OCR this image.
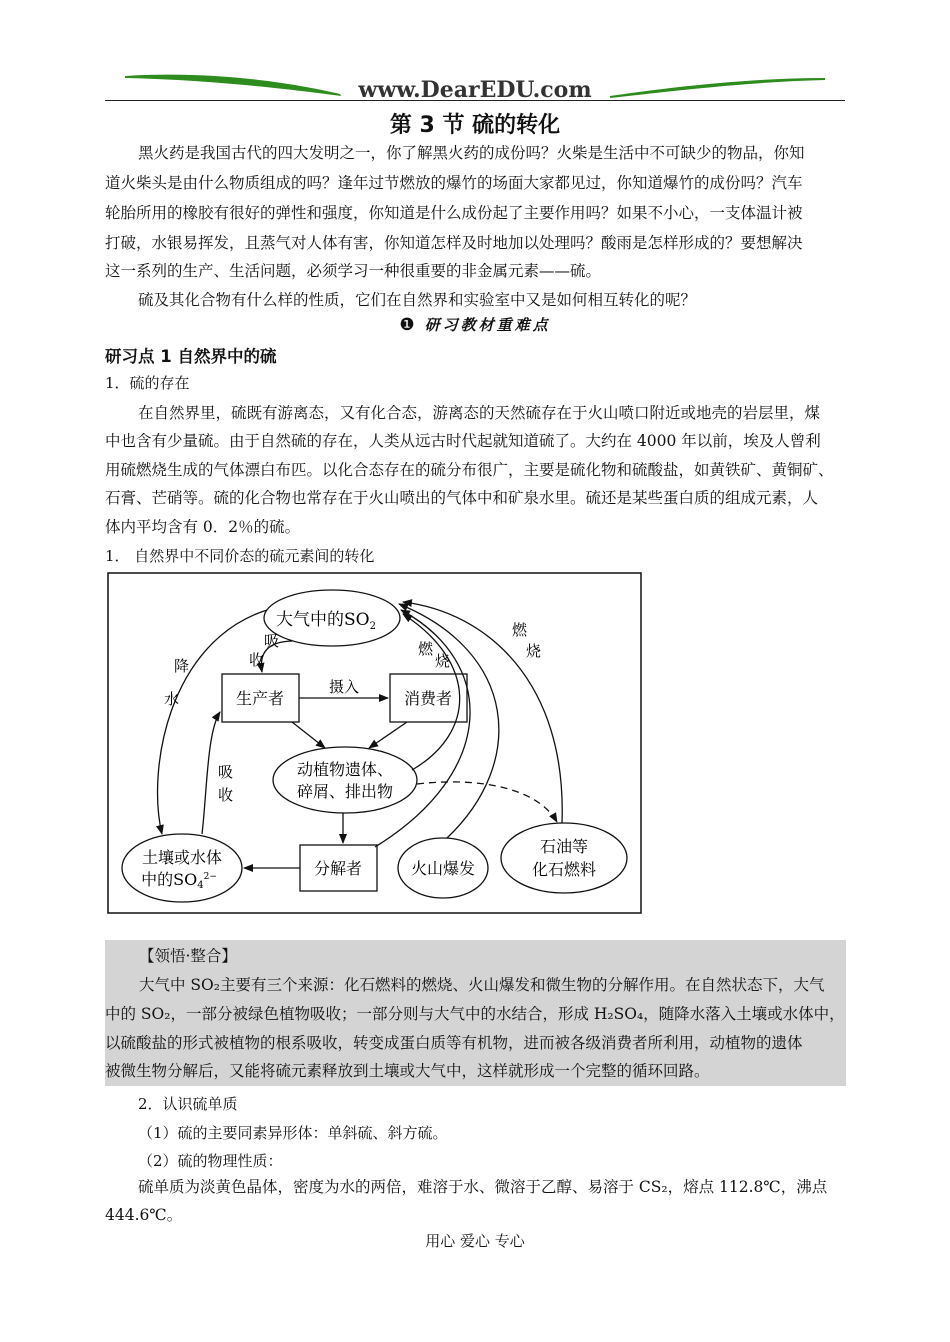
www.DearEDU.com
第 3 节 硫的转化
黑火药是我国古代的四大发明之一，你了解黑火药的成份吗？火柴是生活中不可缺少的物品，你知
道火柴头是由什么物质组成的吗？逢年过节燃放的爆竹的场面大家都见过，你知道爆竹的成份吗？汽车
轮胎所用的橡胶有很好的弹性和强度，你知道是什么成份起了主要作用吗？如果不小心，一支体温计被
打破，水银易挥发，且蒸气对人体有害，你知道怎样及时地加以处理吗？酸雨是怎样形成的？要想解决
这一系列的生产、生活问题，必须学习一种很重要的非金属元素——硫。
硫及其化合物有什么样的性质，它们在自然界和实验室中又是如何相互转化的呢？
❶ 研习教材重难点
研习点 1 自然界中的硫
1．硫的存在
在自然界里，硫既有游离态，又有化合态，游离态的天然硫存在于火山喷口附近或地壳的岩层里，煤
中也含有少量硫。由于自然硫的存在，人类从远古时代起就知道硫了。大约在 4000 年以前，埃及人曾利
用硫燃烧生成的气体漂白布匹。以化合态存在的硫分布很广，主要是硫化物和硫酸盐，如黄铁矿、黄铜矿、
石膏、芒硝等。硫的化合物也常存在于火山喷出的气体中和矿泉水里。硫还是某些蛋白质的组成元素，人
体内平均含有 0．2％的硫。
1． 自然界中不同价态的硫元素间的转化
大气中的$SO_2$
生产者	消费者
动植物遗体、
碎屑、排出物
分解者	火山爆发
石油等
化石燃料
土壤或水体
中的$SO4^{2-}$
吸
收
降
水
摄入
吸
收
燃
烧
燃
烧
【领悟·整合】
大气中 SO₂主要有三个来源：化石燃料的燃烧、火山爆发和微生物的分解作用。在自然状态下，大气
中的 SO₂，一部分被绿色植物吸收；一部分则与大气中的水结合，形成 H₂SO₄，随降水落入土壤或水体中，
以硫酸盐的形式被植物的根系吸收，转变成蛋白质等有机物，进而被各级消费者所利用，动植物的遗体
被微生物分解后，又能将硫元素释放到土壤或大气中，这样就形成一个完整的循环回路。
2．认识硫单质
（1）硫的主要同素异形体：单斜硫、斜方硫。
（2）硫的物理性质：
硫单质为淡黄色晶体，密度为水的两倍，难溶于水、微溶于乙醇、易溶于 CS₂，熔点 112.8℃，沸点
444.6℃。
用心 爱心 专心
